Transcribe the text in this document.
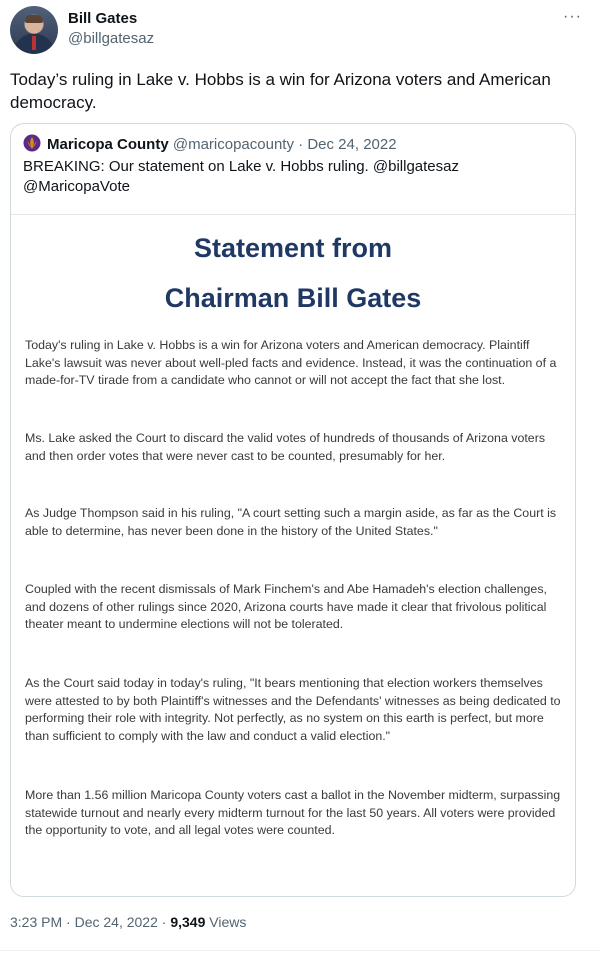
Bill Gates
@billgatesaz
···
Today’s ruling in Lake v. Hobbs is a win for Arizona voters and American democracy.
Maricopa County @maricopacounty · Dec 24, 2022
BREAKING: Our statement on Lake v. Hobbs ruling. @billgatesaz @MaricopaVote
Statement from
Chairman Bill Gates
Today's ruling in Lake v. Hobbs is a win for Arizona voters and American democracy. Plaintiff Lake's lawsuit was never about well-pled facts and evidence. Instead, it was the continuation of a made-for-TV tirade from a candidate who cannot or will not accept the fact that she lost.
Ms. Lake asked the Court to discard the valid votes of hundreds of thousands of Arizona voters and then order votes that were never cast to be counted, presumably for her.
As Judge Thompson said in his ruling, "A court setting such a margin aside, as far as the Court is able to determine, has never been done in the history of the United States."
Coupled with the recent dismissals of Mark Finchem's and Abe Hamadeh's election challenges, and dozens of other rulings since 2020, Arizona courts have made it clear that frivolous political theater meant to undermine elections will not be tolerated.
As the Court said today in today's ruling, "It bears mentioning that election workers themselves were attested to by both Plaintiff's witnesses and the Defendants' witnesses as being dedicated to performing their role with integrity. Not perfectly, as no system on this earth is perfect, but more than sufficient to comply with the law and conduct a valid election."
More than 1.56 million Maricopa County voters cast a ballot in the November midterm, surpassing statewide turnout and nearly every midterm turnout for the last 50 years. All voters were provided the opportunity to vote, and all legal votes were counted.
3:23 PM · Dec 24, 2022 · 9,349 Views
